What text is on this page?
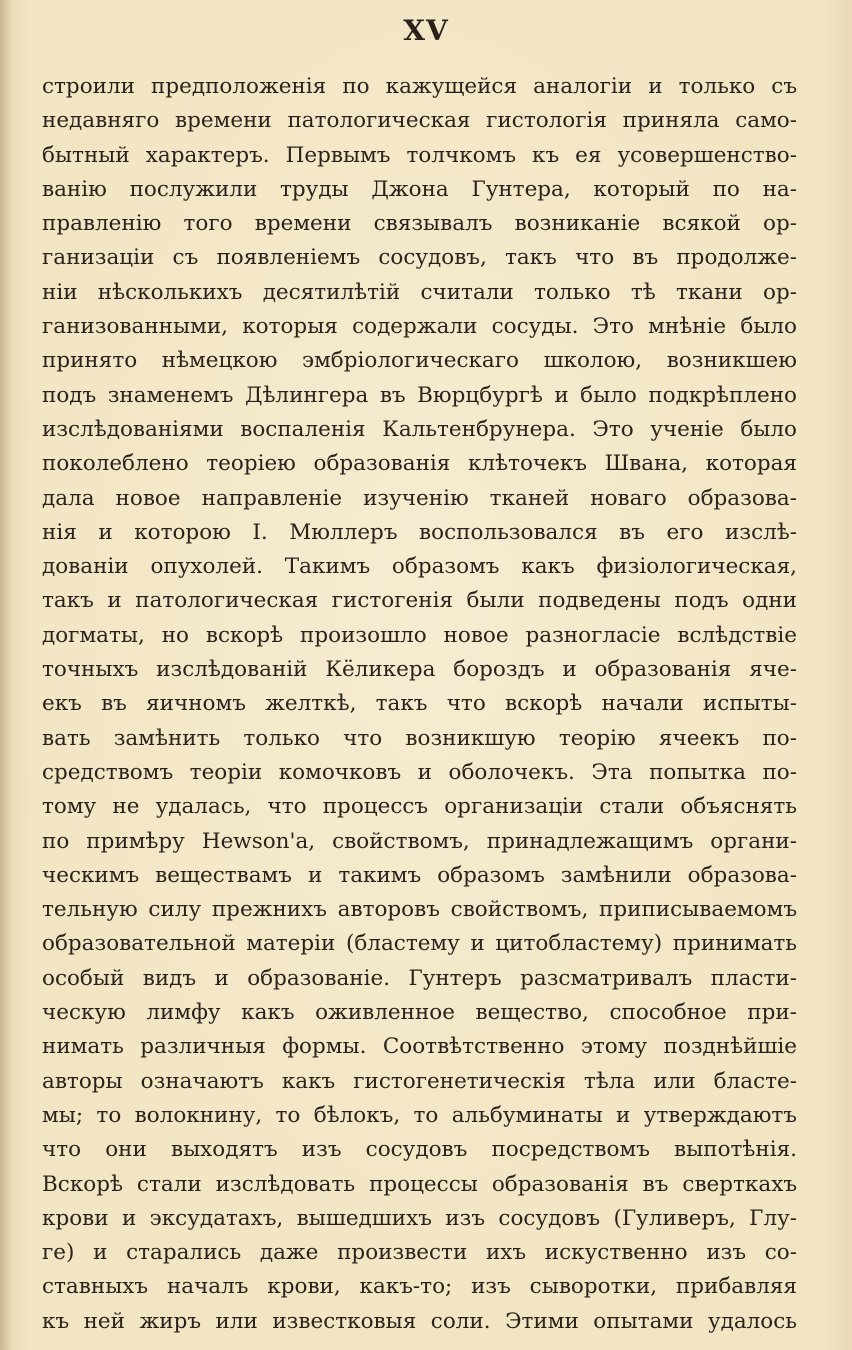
XV
строили предположенія по кажущейся аналогіи и только съ
недавняго времени патологическая гистологія приняла само-
бытный характеръ. Первымъ толчкомъ къ ея усовершенство-
ванію послужили труды Джона Гунтера, который по на-
правленію того времени связывалъ возниканіе всякой ор-
ганизаціи съ появленіемъ сосудовъ, такъ что въ продолже-
ніи нѣсколькихъ десятилѣтій считали только тѣ ткани ор-
ганизованными, которыя содержали сосуды. Это мнѣніе было
принято нѣмецкою эмбріологическаго школою, возникшею
подъ знаменемъ Дѣлингера въ Вюрцбургѣ и было подкрѣплено
изслѣдованіями воспаленія Кальтенбрунера. Это ученіе было
поколеблено теоріею образованія клѣточекъ Швана, которая
дала новое направленіе изученію тканей новаго образова-
нія и которою І. Мюллеръ воспользовался въ его изслѣ-
дованіи опухолей. Такимъ образомъ какъ физіологическая,
такъ и патологическая гистогенія были подведены подъ одни
догматы, но вскорѣ произошло новое разногласіе вслѣдствіе
точныхъ изслѣдованій Кёликера бороздъ и образованія яче-
екъ въ яичномъ желткѣ, такъ что вскорѣ начали испыты-
вать замѣнить только что возникшую теорію ячеекъ по-
средствомъ теоріи комочковъ и оболочекъ. Эта попытка по-
тому не удалась, что процессъ организаціи стали объяснять
по примѣру Hewson'a, свойствомъ, принадлежащимъ органи-
ческимъ веществамъ и такимъ образомъ замѣнили образова-
тельную силу прежнихъ авторовъ свойствомъ, приписываемомъ
образовательной матеріи (бластему и цитобластему) принимать
особый видъ и образованіе. Гунтеръ разсматривалъ пласти-
ческую лимфу какъ оживленное вещество, способное при-
нимать различныя формы. Соотвѣтственно этому позднѣйшіе
авторы означаютъ какъ гистогенетическія тѣла или бласте-
мы; то волокнину, то бѣлокъ, то альбуминаты и утверждаютъ
что они выходятъ изъ сосудовъ посредствомъ выпотѣнія.
Вскорѣ стали изслѣдовать процессы образованія въ сверткахъ
крови и эксудатахъ, вышедшихъ изъ сосудовъ (Гуливеръ, Глу-
ге) и старались даже произвести ихъ искуственно изъ со-
ставныхъ началъ крови, какъ-то; изъ сыворотки, прибавляя
къ ней жиръ или известковыя соли. Этими опытами удалось
